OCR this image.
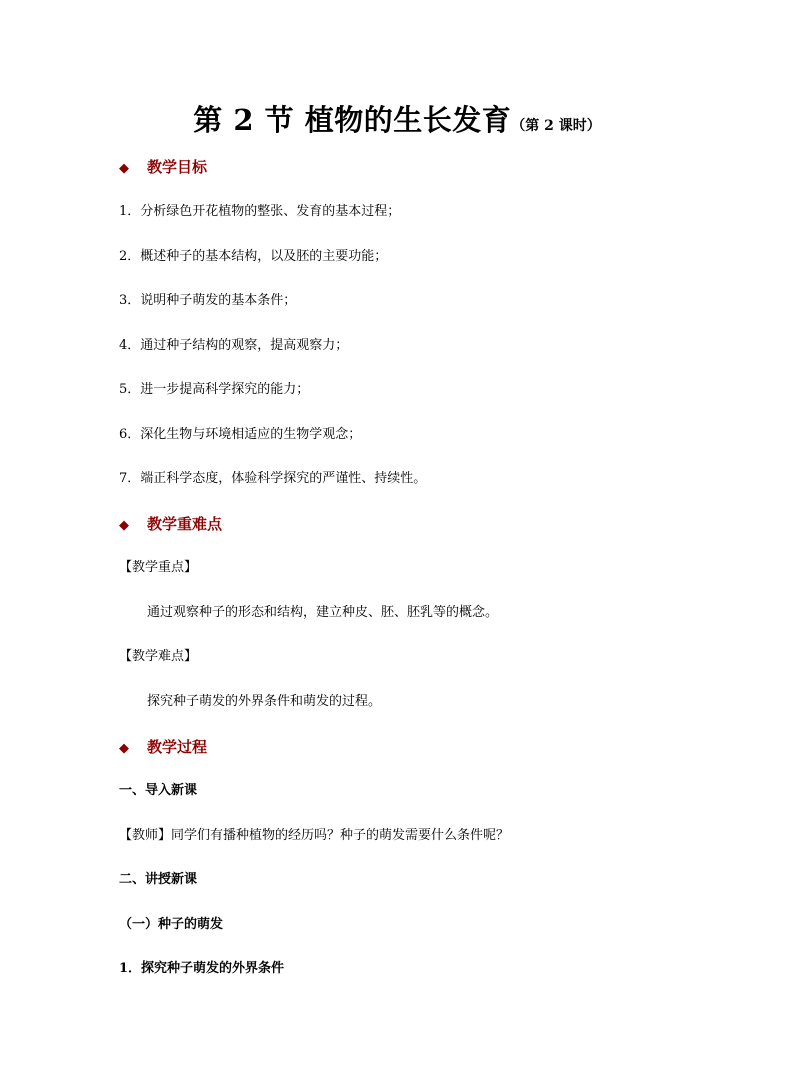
第 2 节 植物的生长发育（第 2 课时）
◆ 教学目标
1．分析绿色开花植物的整张、发育的基本过程；
2．概述种子的基本结构，以及胚的主要功能；
3．说明种子萌发的基本条件；
4．通过种子结构的观察，提高观察力；
5．进一步提高科学探究的能力；
6．深化生物与环境相适应的生物学观念；
7．端正科学态度，体验科学探究的严谨性、持续性。
◆ 教学重难点
【教学重点】
通过观察种子的形态和结构，建立种皮、胚、胚乳等的概念。
【教学难点】
探究种子萌发的外界条件和萌发的过程。
◆ 教学过程
一、导入新课
【教师】同学们有播种植物的经历吗？种子的萌发需要什么条件呢？
二、讲授新课
（一）种子的萌发
1．探究种子萌发的外界条件
